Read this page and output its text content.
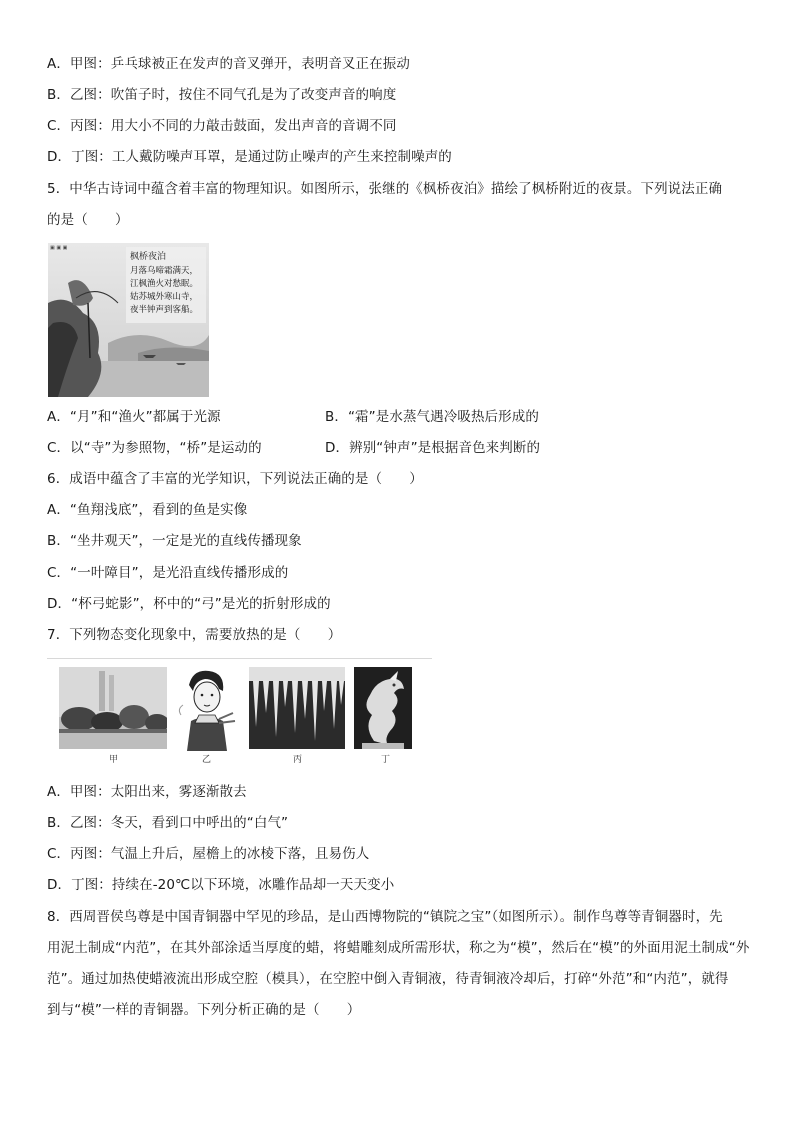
A．甲图：乒乓球被正在发声的音叉弹开，表明音叉正在振动
B．乙图：吹笛子时，按住不同气孔是为了改变声音的响度
C．丙图：用大小不同的力敲击鼓面，发出声音的音调不同
D．丁图：工人戴防噪声耳罩，是通过防止噪声的产生来控制噪声的
5．中华古诗词中蕴含着丰富的物理知识。如图所示，张继的《枫桥夜泊》描绘了枫桥附近的夜景。下列说法正确
的是（　　）
▣ ▣ ▣
枫桥夜泊
月落乌啼霜满天，
江枫渔火对愁眠。
姑苏城外寒山寺，
夜半钟声到客船。
A．“月”和“渔火”都属于光源	B．“霜”是水蒸气遇冷吸热后形成的
C．以“寺”为参照物，“桥”是运动的	D．辨别“钟声”是根据音色来判断的
6．成语中蕴含了丰富的光学知识，下列说法正确的是（　　）
A．“鱼翔浅底”，看到的鱼是实像
B．“坐井观天”，一定是光的直线传播现象
C．“一叶障目”，是光沿直线传播形成的
D．“杯弓蛇影”，杯中的“弓”是光的折射形成的
7．下列物态变化现象中，需要放热的是（　　）
甲	乙	丙	丁
A．甲图：太阳出来，雾逐渐散去
B．乙图：冬天，看到口中呼出的“白气”
C．丙图：气温上升后，屋檐上的冰棱下落，且易伤人
D．丁图：持续在-20℃以下环境，冰雕作品却一天天变小
8．西周晋侯鸟尊是中国青铜器中罕见的珍品，是山西博物院的“镇院之宝”（如图所示）。制作鸟尊等青铜器时，先
用泥土制成“内范”，在其外部涂适当厚度的蜡，将蜡雕刻成所需形状，称之为“模”，然后在“模”的外面用泥土制成“外
范”。通过加热使蜡液流出形成空腔（模具），在空腔中倒入青铜液，待青铜液冷却后，打碎“外范”和“内范”，就得
到与“模”一样的青铜器。下列分析正确的是（　　）
